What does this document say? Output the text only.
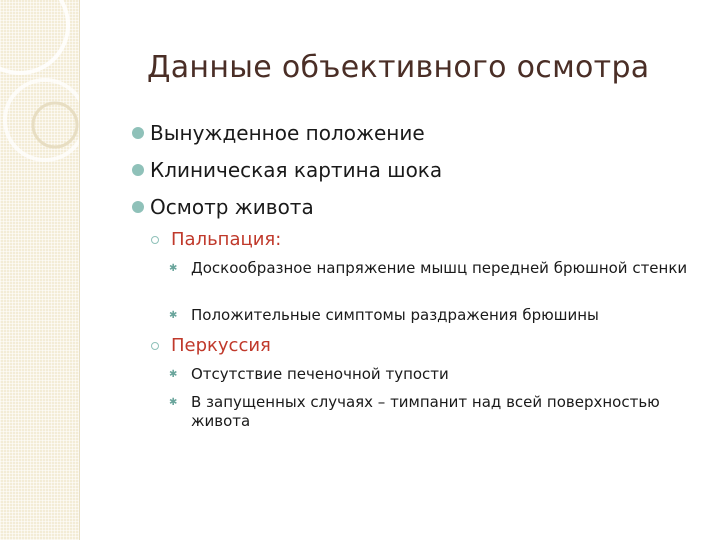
Данные объективного осмотра
Вынужденное положение
Клиническая картина шока
Осмотр живота
Пальпация:
✱ Доскообразное напряжение мышц передней брюшной стенки
✱ Положительные симптомы раздражения брюшины
Перкуссия
✱ Отсутствие печеночной тупости
✱ В запущенных случаях – тимпанит над всей поверхностью живота
